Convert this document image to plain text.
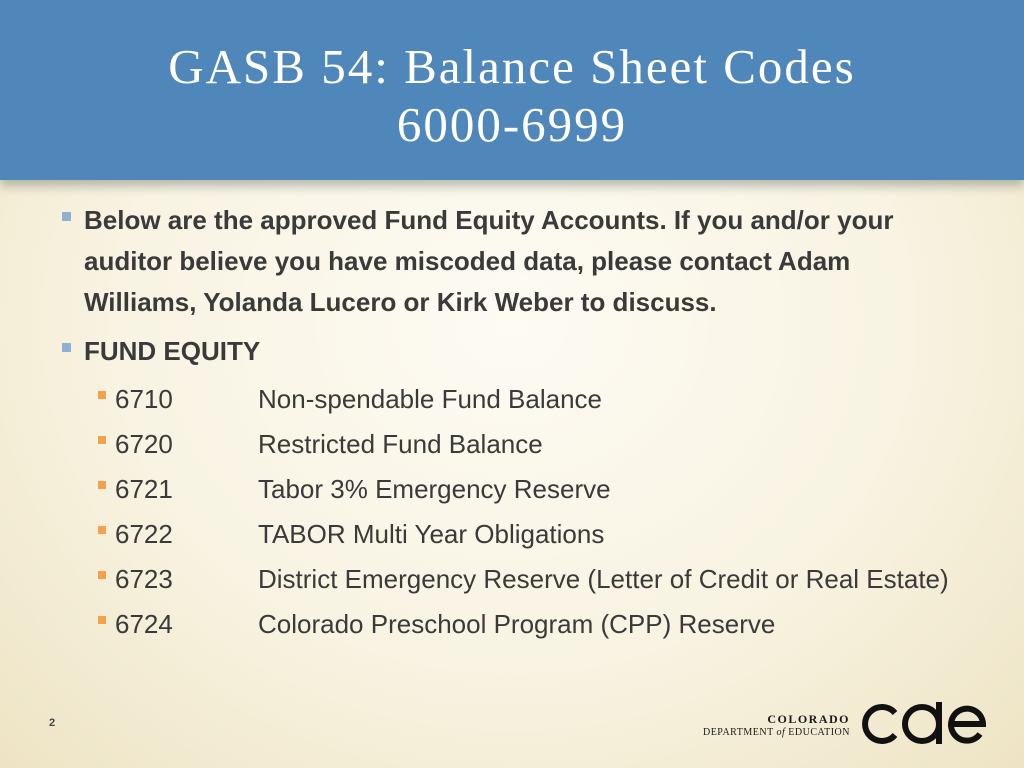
GASB 54: Balance Sheet Codes
6000-6999
Below are the approved Fund Equity Accounts. If you and/or your auditor believe you have miscoded data, please contact Adam Williams, Yolanda Lucero or Kirk Weber to discuss.
FUND EQUITY
6710	Non-spendable Fund Balance
6720	Restricted Fund Balance
6721	Tabor 3% Emergency Reserve
6722	TABOR Multi Year Obligations
6723	District Emergency Reserve (Letter of Credit or Real Estate)
6724	Colorado Preschool Program (CPP) Reserve
2	COLORADO
DEPARTMENT of EDUCATION
